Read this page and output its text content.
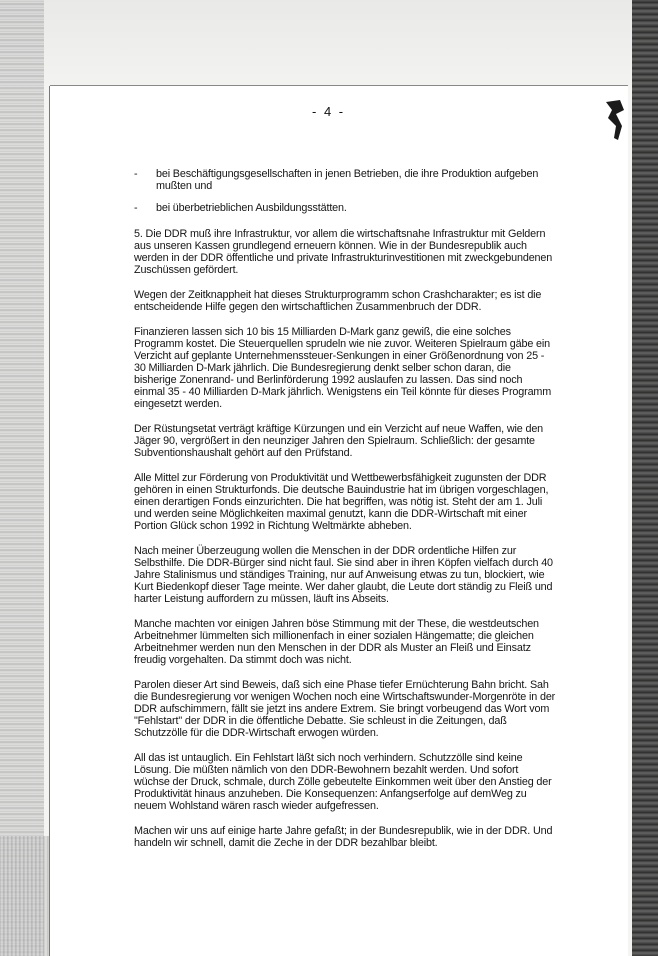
- 4 -
- bei Beschäftigungsgesellschaften in jenen Betrieben, die ihre Produktion aufgeben mußten und
- bei überbetrieblichen Ausbildungsstätten.

5. Die DDR muß ihre Infrastruktur, vor allem die wirtschaftsnahe Infrastruktur mit Geldern aus unseren Kassen grundlegend erneuern können. Wie in der Bundesrepublik auch werden in der DDR öffentliche und private Infrastrukturinvestitionen mit zweckgebundenen Zuschüssen gefördert.

Wegen der Zeitknappheit hat dieses Strukturprogramm schon Crashcharakter; es ist die entscheidende Hilfe gegen den wirtschaftlichen Zusammenbruch der DDR.

Finanzieren lassen sich 10 bis 15 Milliarden D-Mark ganz gewiß, die eine solches Programm kostet. Die Steuerquellen sprudeln wie nie zuvor. Weiteren Spielraum gäbe ein Verzicht auf geplante Unternehmenssteuer-Senkungen in einer Größenordnung von 25 - 30 Milliarden D-Mark jährlich. Die Bundesregierung denkt selber schon daran, die bisherige Zonenrand- und Berlinförderung 1992 auslaufen zu lassen. Das sind noch einmal 35 - 40 Milliarden D-Mark jährlich. Wenigstens ein Teil könnte für dieses Programm eingesetzt werden.

Der Rüstungsetat verträgt kräftige Kürzungen und ein Verzicht auf neue Waffen, wie den Jäger 90, vergrößert in den neunziger Jahren den Spielraum. Schließlich: der gesamte Subventionshaushalt gehört auf den Prüfstand.

Alle Mittel zur Förderung von Produktivität und Wettbewerbsfähigkeit zugunsten der DDR gehören in einen Strukturfonds. Die deutsche Bauindustrie hat im übrigen vorgeschlagen, einen derartigen Fonds einzurichten. Die hat begriffen, was nötig ist. Steht der am 1. Juli und werden seine Möglichkeiten maximal genutzt, kann die DDR-Wirtschaft mit einer Portion Glück schon 1992 in Richtung Weltmärkte abheben.

Nach meiner Überzeugung wollen die Menschen in der DDR ordentliche Hilfen zur Selbsthilfe. Die DDR-Bürger sind nicht faul. Sie sind aber in ihren Köpfen vielfach durch 40 Jahre Stalinismus und ständiges Training, nur auf Anweisung etwas zu tun, blockiert, wie Kurt Biedenkopf dieser Tage meinte. Wer daher glaubt, die Leute dort ständig zu Fleiß und harter Leistung auffordern zu müssen, läuft ins Abseits.

Manche machten vor einigen Jahren böse Stimmung mit der These, die westdeutschen Arbeitnehmer lümmelten sich millionenfach in einer sozialen Hängematte; die gleichen Arbeitnehmer werden nun den Menschen in der DDR als Muster an Fleiß und Einsatz freudig vorgehalten. Da stimmt doch was nicht.

Parolen dieser Art sind Beweis, daß sich eine Phase tiefer Ernüchterung Bahn bricht. Sah die Bundesregierung vor wenigen Wochen noch eine Wirtschaftswunder-Morgenröte in der DDR aufschimmern, fällt sie jetzt ins andere Extrem. Sie bringt vorbeugend das Wort vom "Fehlstart" der DDR in die öffentliche Debatte. Sie schleust in die Zeitungen, daß Schutzzölle für die DDR-Wirtschaft erwogen würden.

All das ist untauglich. Ein Fehlstart läßt sich noch verhindern. Schutzzölle sind keine Lösung. Die müßten nämlich von den DDR-Bewohnern bezahlt werden. Und sofort wüchse der Druck, schmale, durch Zölle gebeutelte Einkommen weit über den Anstieg der Produktivität hinaus anzuheben. Die Konsequenzen: Anfangserfolge auf demWeg zu neuem Wohlstand wären rasch wieder aufgefressen.

Machen wir uns auf einige harte Jahre gefaßt; in der Bundesrepublik, wie in der DDR. Und handeln wir schnell, damit die Zeche in der DDR bezahlbar bleibt.
